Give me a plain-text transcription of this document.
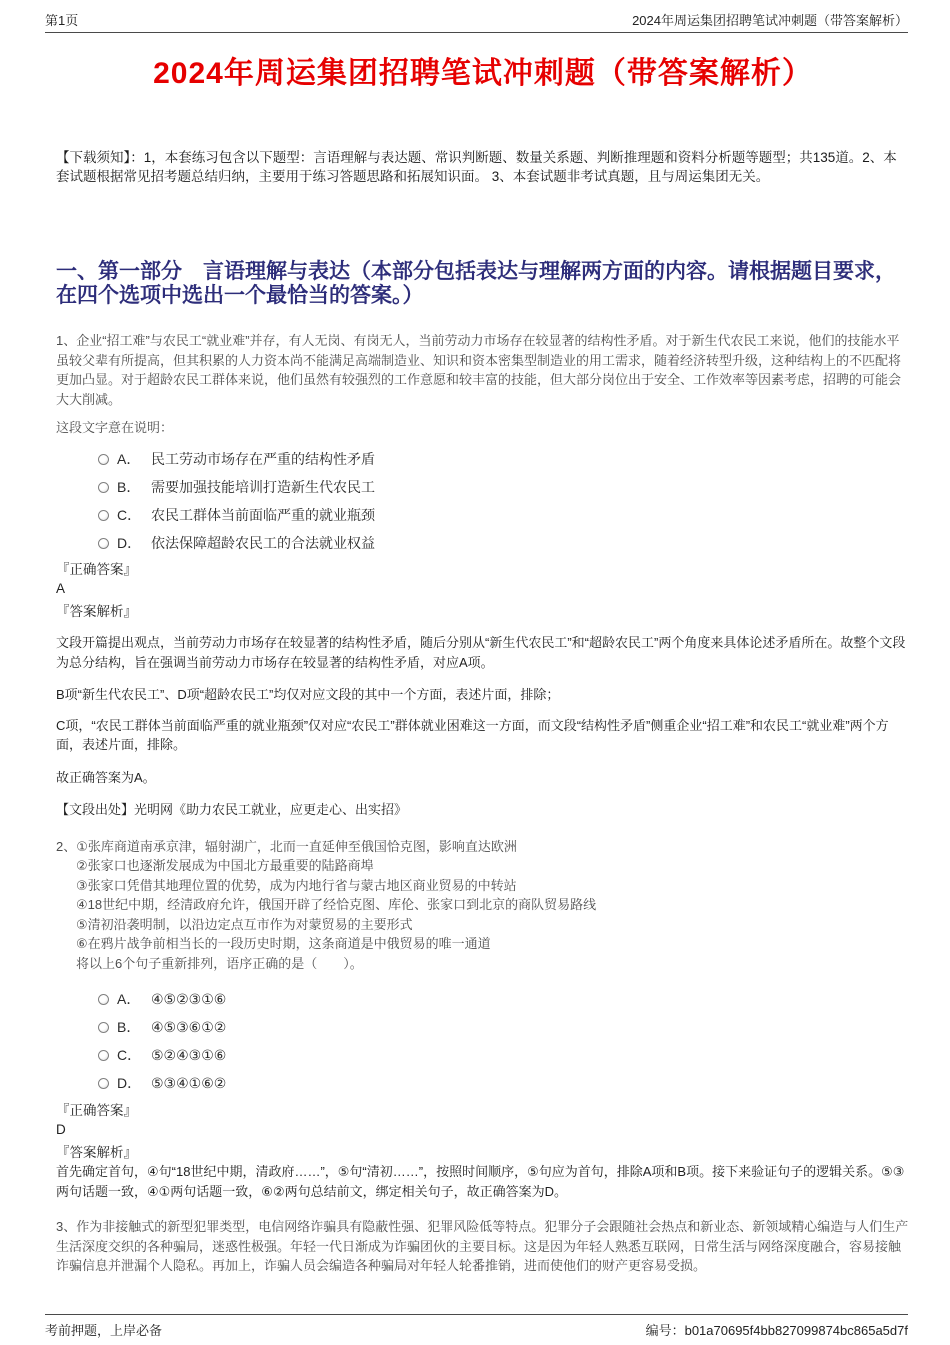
第1页	2024年周运集团招聘笔试冲刺题（带答案解析）
2024年周运集团招聘笔试冲刺题（带答案解析）
【下载须知】：1，本套练习包含以下题型：言语理解与表达题、常识判断题、数量关系题、判断推理题和资料分析题等题型；共135道。2、本套试题根据常见招考题总结归纳，主要用于练习答题思路和拓展知识面。 3、本套试题非考试真题，且与周运集团无关。
一、第一部分　言语理解与表达（本部分包括表达与理解两方面的内容。请根据题目要求，在四个选项中选出一个最恰当的答案。）
1、企业“招工难”与农民工“就业难”并存，有人无岗、有岗无人，当前劳动力市场存在较显著的结构性矛盾。对于新生代农民工来说，他们的技能水平虽较父辈有所提高，但其积累的人力资本尚不能满足高端制造业、知识和资本密集型制造业的用工需求，随着经济转型升级，这种结构上的不匹配将更加凸显。对于超龄农民工群体来说，他们虽然有较强烈的工作意愿和较丰富的技能，但大部分岗位出于安全、工作效率等因素考虑，招聘的可能会大大削减。
这段文字意在说明：
A． 民工劳动市场存在严重的结构性矛盾
B． 需要加强技能培训打造新生代农民工
C． 农民工群体当前面临严重的就业瓶颈
D． 依法保障超龄农民工的合法就业权益
『正确答案』
A
『答案解析』
文段开篇提出观点，当前劳动力市场存在较显著的结构性矛盾，随后分别从“新生代农民工”和“超龄农民工”两个角度来具体论述矛盾所在。故整个文段为总分结构，旨在强调当前劳动力市场存在较显著的结构性矛盾，对应A项。
B项“新生代农民工”、D项“超龄农民工”均仅对应文段的其中一个方面，表述片面，排除；
C项，“农民工群体当前面临严重的就业瓶颈”仅对应“农民工”群体就业困难这一方面，而文段“结构性矛盾”侧重企业“招工难”和农民工“就业难”两个方面，表述片面，排除。
故正确答案为A。
【文段出处】光明网《助力农民工就业，应更走心、出实招》
2、①张库商道南承京津，辐射湖广，北而一直延伸至俄国恰克图，影响直达欧洲
②张家口也逐渐发展成为中国北方最重要的陆路商埠
③张家口凭借其地理位置的优势，成为内地行省与蒙古地区商业贸易的中转站
④18世纪中期，经清政府允许，俄国开辟了经恰克图、库伦、张家口到北京的商队贸易路线
⑤清初沿袭明制，以沿边定点互市作为对蒙贸易的主要形式
⑥在鸦片战争前相当长的一段历史时期，这条商道是中俄贸易的唯一通道
将以上6个句子重新排列，语序正确的是（　　）。
A． ④⑤②③①⑥
B． ④⑤③⑥①②
C． ⑤②④③①⑥
D． ⑤③④①⑥②
『正确答案』
D
『答案解析』
首先确定首句，④句“18世纪中期，清政府……”，⑤句“清初……”，按照时间顺序，⑤句应为首句，排除A项和B项。接下来验证句子的逻辑关系。⑤③两句话题一致，④①两句话题一致，⑥②两句总结前文，绑定相关句子，故正确答案为D。
3、作为非接触式的新型犯罪类型，电信网络诈骗具有隐蔽性强、犯罪风险低等特点。犯罪分子会跟随社会热点和新业态、新领域精心编造与人们生产生活深度交织的各种骗局，迷惑性极强。年轻一代日渐成为诈骗团伙的主要目标。这是因为年轻人熟悉互联网，日常生活与网络深度融合，容易接触诈骗信息并泄漏个人隐私。再加上，诈骗人员会编造各种骗局对年轻人轮番推销，进而使他们的财产更容易受损。
考前押题，上岸必备	编号：b01a70695f4bb827099874bc865a5d7f
